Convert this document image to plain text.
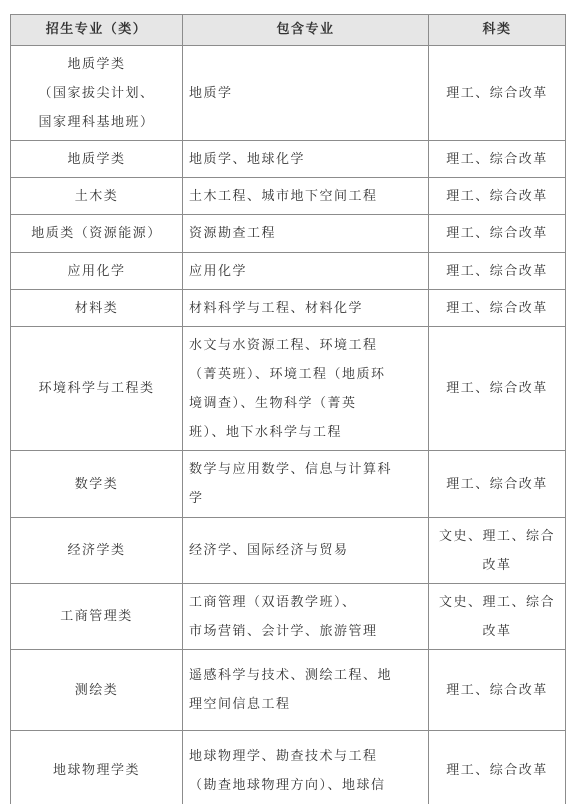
招生专业（类）	包含专业	科类
地质学类
（国家拔尖计划、
国家理科基地班）	地质学	理工、综合改革
地质学类	地质学、地球化学	理工、综合改革
土木类	土木工程、城市地下空间工程	理工、综合改革
地质类（资源能源）	资源勘查工程	理工、综合改革
应用化学	应用化学	理工、综合改革
材料类	材料科学与工程、材料化学	理工、综合改革
环境科学与工程类	水文与水资源工程、环境工程
（菁英班）、环境工程（地质环
境调查）、生物科学（菁英
班）、地下水科学与工程	理工、综合改革
数学类	数学与应用数学、信息与计算科
学	理工、综合改革
经济学类	经济学、国际经济与贸易	文史、理工、综合
改革
工商管理类	工商管理（双语教学班）、
市场营销、会计学、旅游管理	文史、理工、综合
改革
测绘类	遥感科学与技术、测绘工程、地
理空间信息工程	理工、综合改革
地球物理学类	地球物理学、勘查技术与工程
（勘查地球物理方向）、地球信	理工、综合改革
